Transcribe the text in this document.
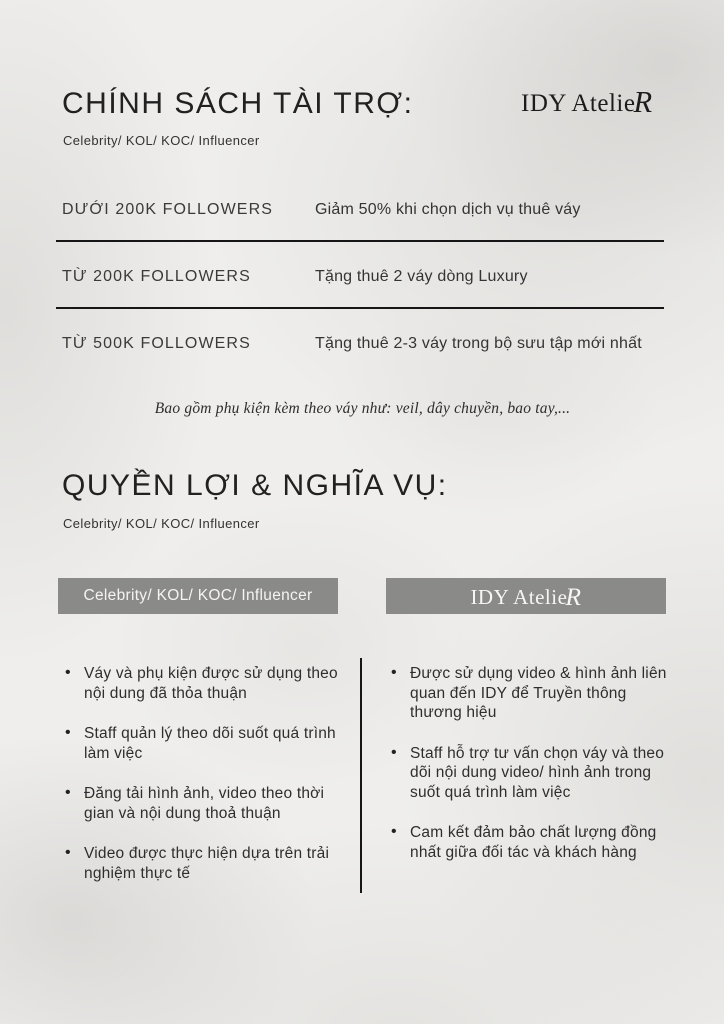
CHÍNH SÁCH TÀI TRỢ:
Celebrity/ KOL/ KOC/ Influencer
IDY AtelieR
DƯỚI 200K FOLLOWERS	Giảm 50% khi chọn dịch vụ thuê váy
TỪ 200K FOLLOWERS	Tặng thuê 2 váy dòng Luxury
TỪ 500K FOLLOWERS	Tặng thuê 2-3 váy trong bộ sưu tập mới nhất
Bao gồm phụ kiện kèm theo váy như: veil, dây chuyền, bao tay,...
QUYỀN LỢI & NGHĨA VỤ:
Celebrity/ KOL/ KOC/ Influencer
Celebrity/ KOL/ KOC/ Influencer	IDY AtelieR
• Váy và phụ kiện được sử dụng theo nội dung đã thỏa thuận
• Staff quản lý theo dõi suốt quá trình làm việc
• Đăng tải hình ảnh, video theo thời gian và nội dung thoả thuận
• Video được thực hiện dựa trên trải nghiệm thực tế
• Được sử dụng video & hình ảnh liên quan đến IDY để Truyền thông thương hiệu
• Staff hỗ trợ tư vấn chọn váy và theo dõi nội dung video/ hình ảnh trong suốt quá trình làm việc
• Cam kết đảm bảo chất lượng đồng nhất giữa đối tác và khách hàng
